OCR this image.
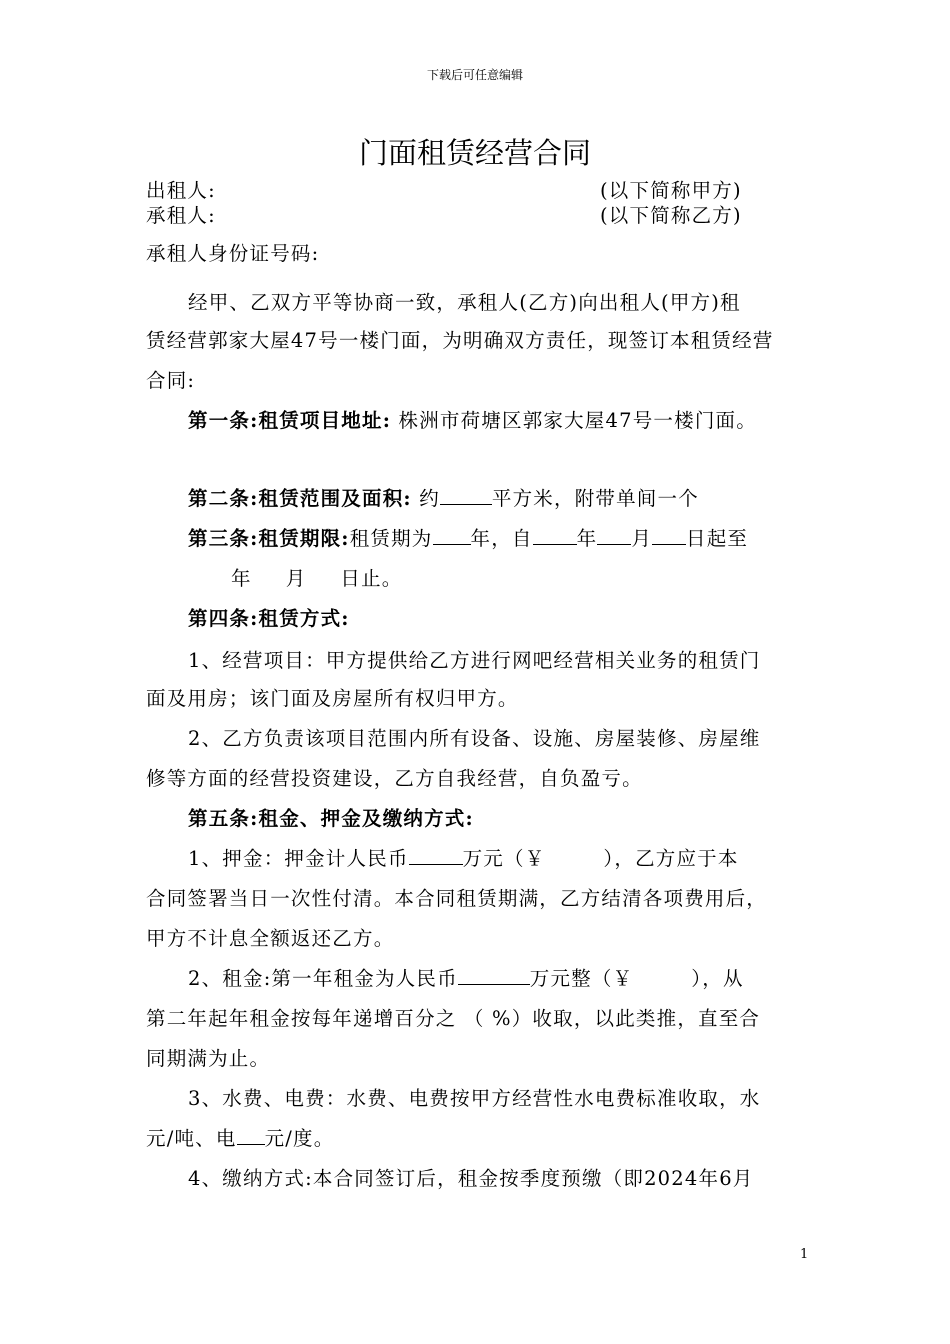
下载后可任意编辑
门面租赁经营合同
出租人:	(以下简称甲方)
承租人:	(以下简称乙方)
承租人身份证号码:
经甲、乙双方平等协商一致，承租人(乙方)向出租人(甲方)租
赁经营郭家大屋47号一楼门面，为明确双方责任，现签订本租赁经营
合同:
第一条:租赁项目地址: 株洲市荷塘区郭家大屋47号一楼门面。
第二条:租赁范围及面积: 约	平方米，附带单间一个
第三条:租赁期限:租赁期为 年，自 年 月 日起至
年 月 日止。
第四条:租赁方式:
1、经营项目：甲方提供给乙方进行网吧经营相关业务的租赁门
面及用房；该门面及房屋所有权归甲方。
2、乙方负责该项目范围内所有设备、设施、房屋装修、房屋维
修等方面的经营投资建设，乙方自我经营，自负盈亏。
第五条:租金、押金及缴纳方式:
1、押金：押金计人民币	万元（￥	），乙方应于本
合同签署当日一次性付清。本合同租赁期满，乙方结清各项费用后，
甲方不计息全额返还乙方。
2、租金:第一年租金为人民币	万元整（￥	），从
第二年起年租金按每年递增百分之 （ %）收取，以此类推，直至合
同期满为止。
3、水费、电费：水费、电费按甲方经营性水电费标准收取，水
元/吨、电 元/度。
4、缴纳方式:本合同签订后，租金按季度预缴（即2024年6月
1
